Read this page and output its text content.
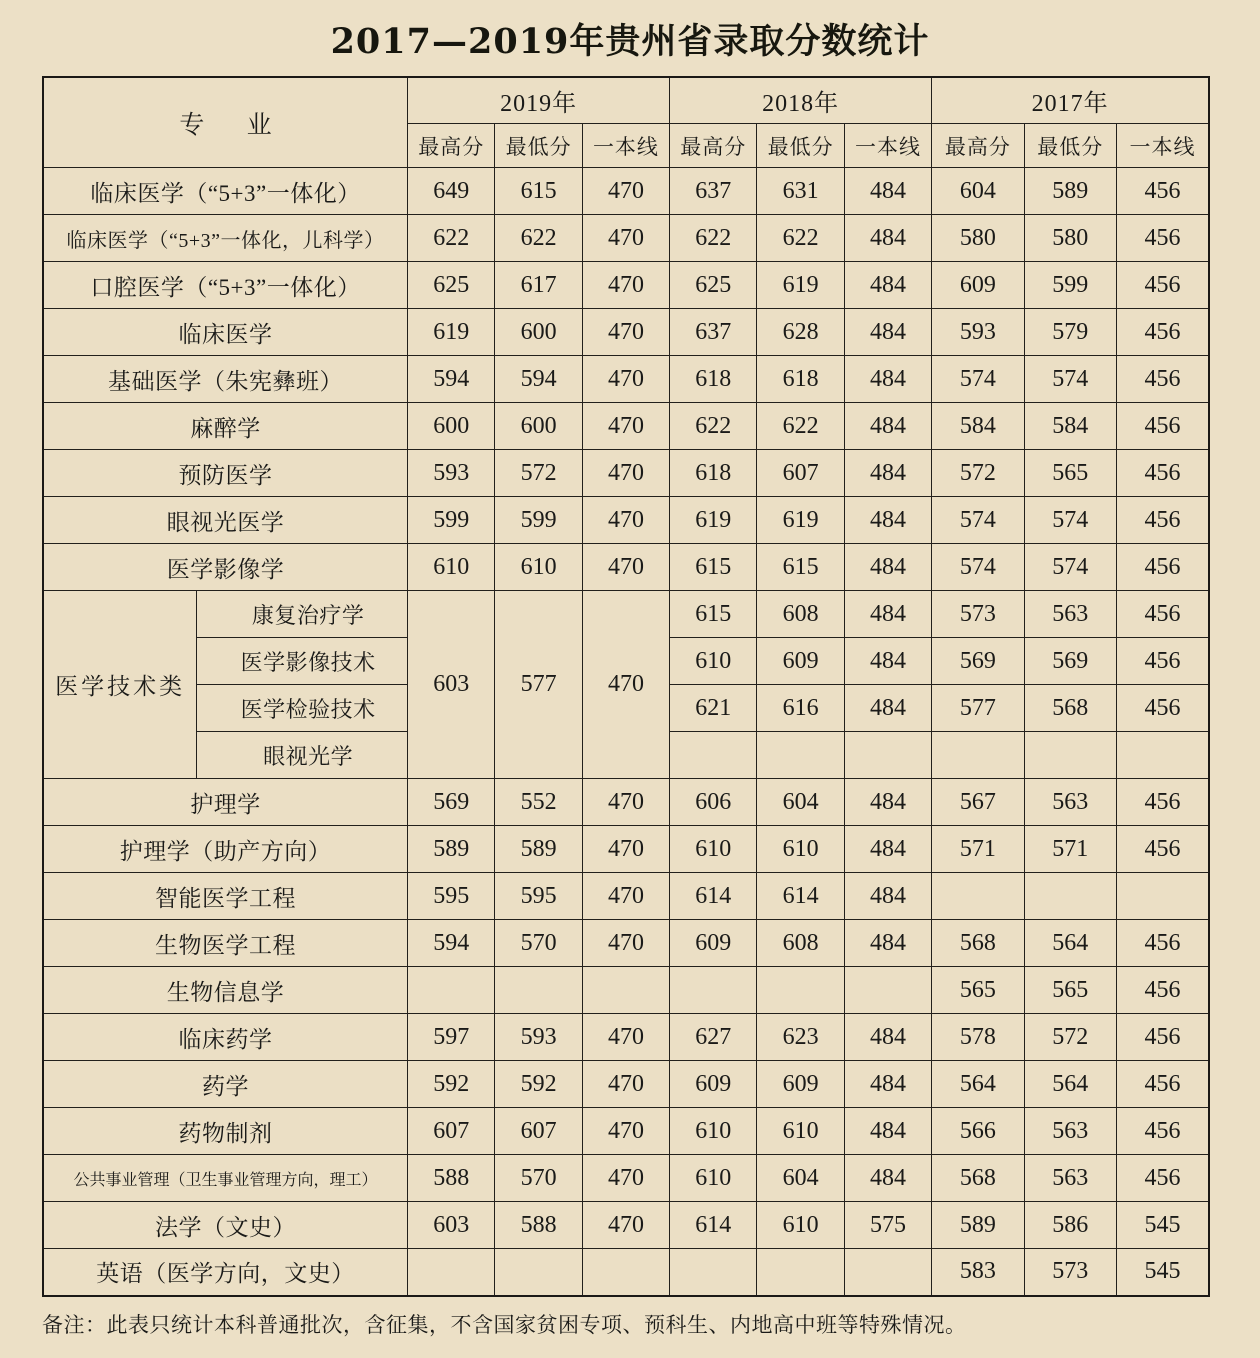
2017—2019年贵州省录取分数统计
专 业		2019年			2018年			2017年		
		最高分	最低分	一本线	最高分	最低分	一本线	最高分	最低分	一本线
临床医学（“5+3”一体化）		649	615	470	637	631	484	604	589	456
临床医学（“5+3”一体化，儿科学）		622	622	470	622	622	484	580	580	456
口腔医学（“5+3”一体化）		625	617	470	625	619	484	609	599	456
临床医学		619	600	470	637	628	484	593	579	456
基础医学（朱宪彝班）		594	594	470	618	618	484	574	574	456
麻醉学		600	600	470	622	622	484	584	584	456
预防医学		593	572	470	618	607	484	572	565	456
眼视光医学		599	599	470	619	619	484	574	574	456
医学影像学		610	610	470	615	615	484	574	574	456
医学技术类	康复治疗学	603	577	470	615	608	484	573	563	456
	医学影像技术				610	609	484	569	569	456
	医学检验技术				621	616	484	577	568	456
	眼视光学									
护理学		569	552	470	606	604	484	567	563	456
护理学（助产方向）		589	589	470	610	610	484	571	571	456
智能医学工程		595	595	470	614	614	484			
生物医学工程		594	570	470	609	608	484	568	564	456
生物信息学								565	565	456
临床药学		597	593	470	627	623	484	578	572	456
药学		592	592	470	609	609	484	564	564	456
药物制剂		607	607	470	610	610	484	566	563	456
公共事业管理（卫生事业管理方向，理工）		588	570	470	610	604	484	568	563	456
法学（文史）		603	588	470	614	610	575	589	586	545
英语（医学方向，文史）								583	573	545
备注：此表只统计本科普通批次，含征集，不含国家贫困专项、预科生、内地高中班等特殊情况。
